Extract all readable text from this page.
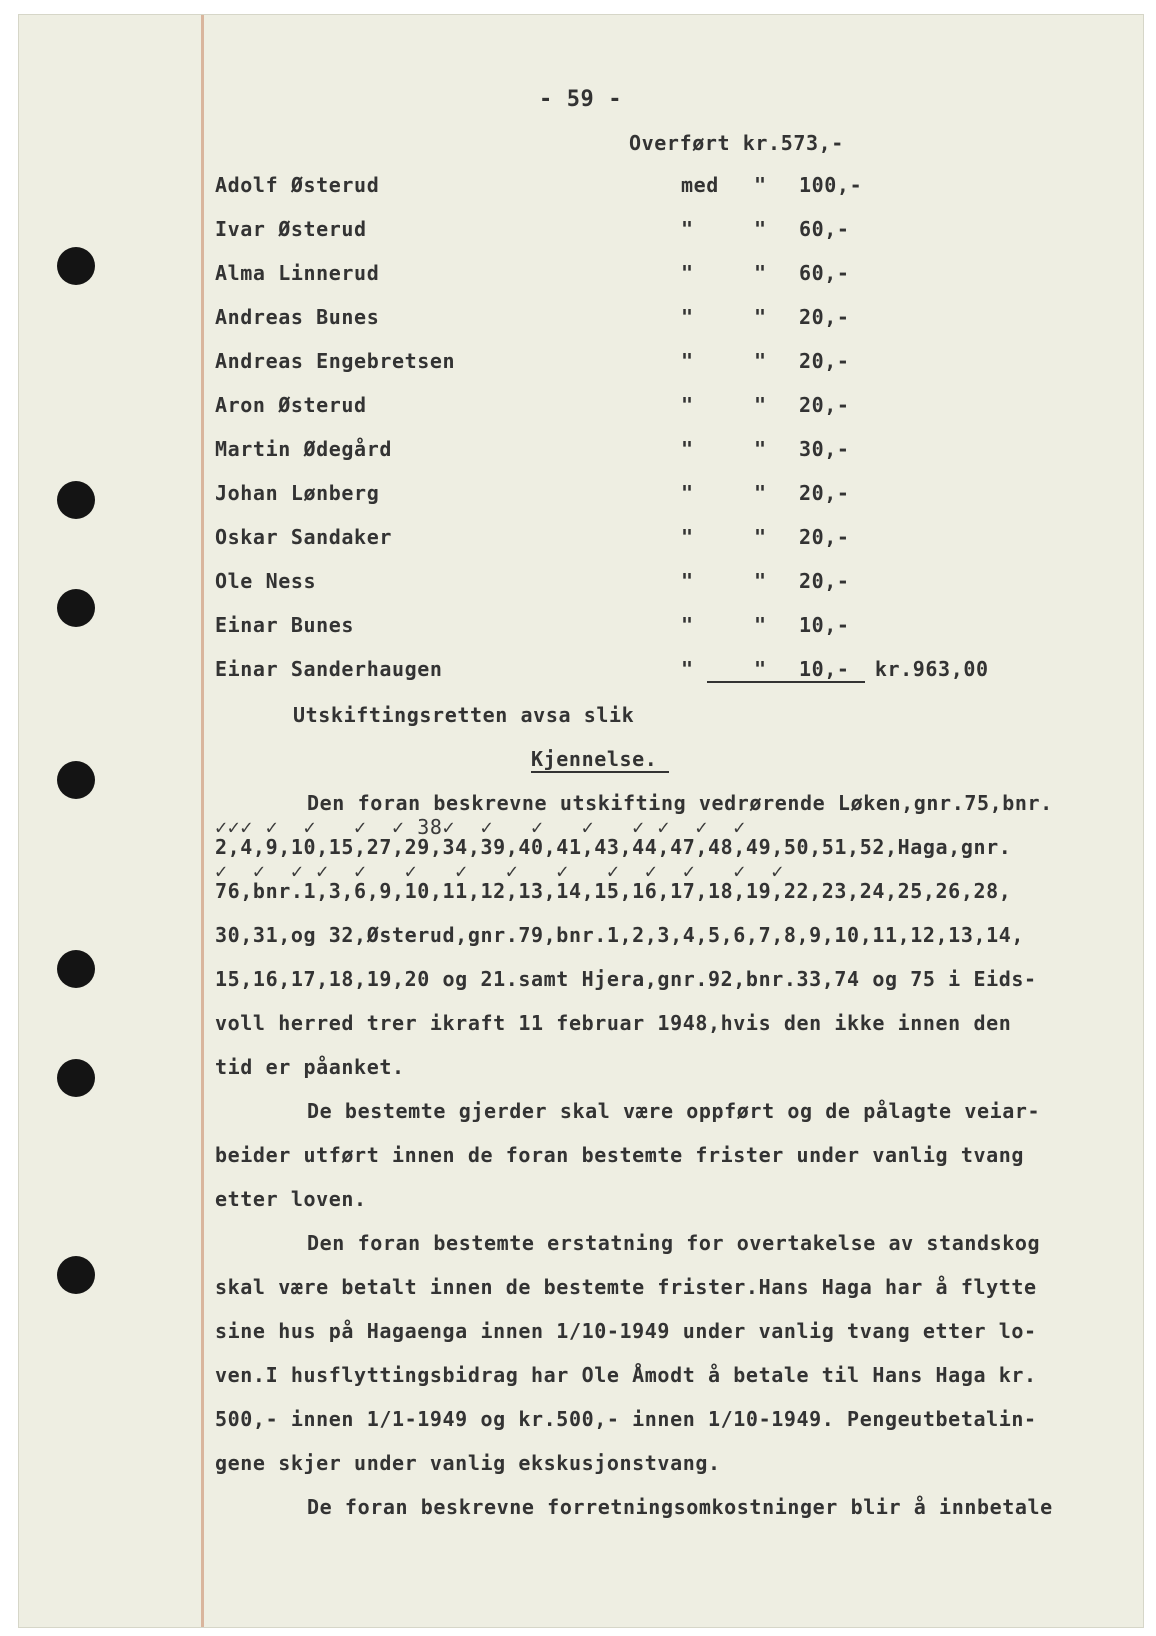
- 59 -

Overført kr.573,-

Adolf Østerud	med " 100,-

Ivar Østerud	"	" 60,-

Alma Linnerud	"	" 60,-

Andreas Bunes	"	" 20,-

Andreas Engebretsen	"	" 20,-

Aron Østerud	"	" 20,-

Martin Ødegård	"	" 30,-

Johan Lønberg	"	" 20,-

Oskar Sandaker	"	" 20,-

Ole Ness	"	" 20,-

Einar Bunes	"	" 10,-

Einar Sanderhaugen	"	" 10,-  kr.963,00

Utskiftingsretten avsa slik

Kjennelse.

Den foran beskrevne utskifting vedrørende Løken,gnr.75,bnr.

✓✓✓ ✓  ✓   ✓  ✓ 38✓  ✓   ✓   ✓   ✓ ✓  ✓  ✓

2,4,9,10,15,27,29,34,39,40,41,43,44,47,48,49,50,51,52,Haga,gnr.

✓  ✓  ✓ ✓  ✓   ✓   ✓   ✓   ✓   ✓  ✓  ✓   ✓  ✓

76,bnr.1,3,6,9,10,11,12,13,14,15,16,17,18,19,22,23,24,25,26,28,

30,31,og 32,Østerud,gnr.79,bnr.1,2,3,4,5,6,7,8,9,10,11,12,13,14,

15,16,17,18,19,20 og 21.samt Hjera,gnr.92,bnr.33,74 og 75 i Eids-

voll herred trer ikraft 11 februar 1948,hvis den ikke innen den

tid er påanket.

De bestemte gjerder skal være oppført og de pålagte veiar-

beider utført innen de foran bestemte frister under vanlig tvang

etter loven.

Den foran bestemte erstatning for overtakelse av standskog

skal være betalt innen de bestemte frister.Hans Haga har å flytte

sine hus på Hagaenga innen 1/10-1949 under vanlig tvang etter lo-

ven.I husflyttingsbidrag har Ole Åmodt å betale til Hans Haga kr.

500,- innen 1/1-1949 og kr.500,- innen 1/10-1949. Pengeutbetalin-

gene skjer under vanlig ekskusjonstvang.

De foran beskrevne forretningsomkostninger blir å innbetale
